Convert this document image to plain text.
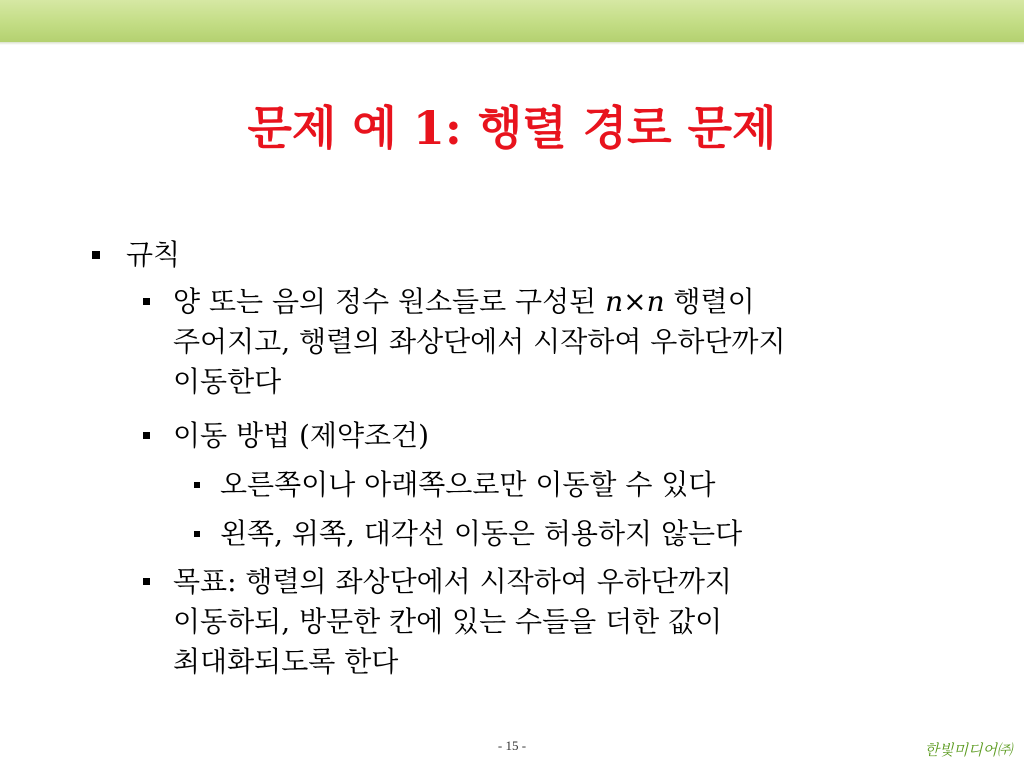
문제 예 1: 행렬 경로 문제
규칙
양 또는 음의 정수 원소들로 구성된 n×n 행렬이
주어지고, 행렬의 좌상단에서 시작하여 우하단까지
이동한다
이동 방법 (제약조건)
오른쪽이나 아래쪽으로만 이동할 수 있다
왼쪽, 위쪽, 대각선 이동은 허용하지 않는다
목표: 행렬의 좌상단에서 시작하여 우하단까지
이동하되, 방문한 칸에 있는 수들을 더한 값이
최대화되도록 한다
- 15 -	한빛미디어㈜
